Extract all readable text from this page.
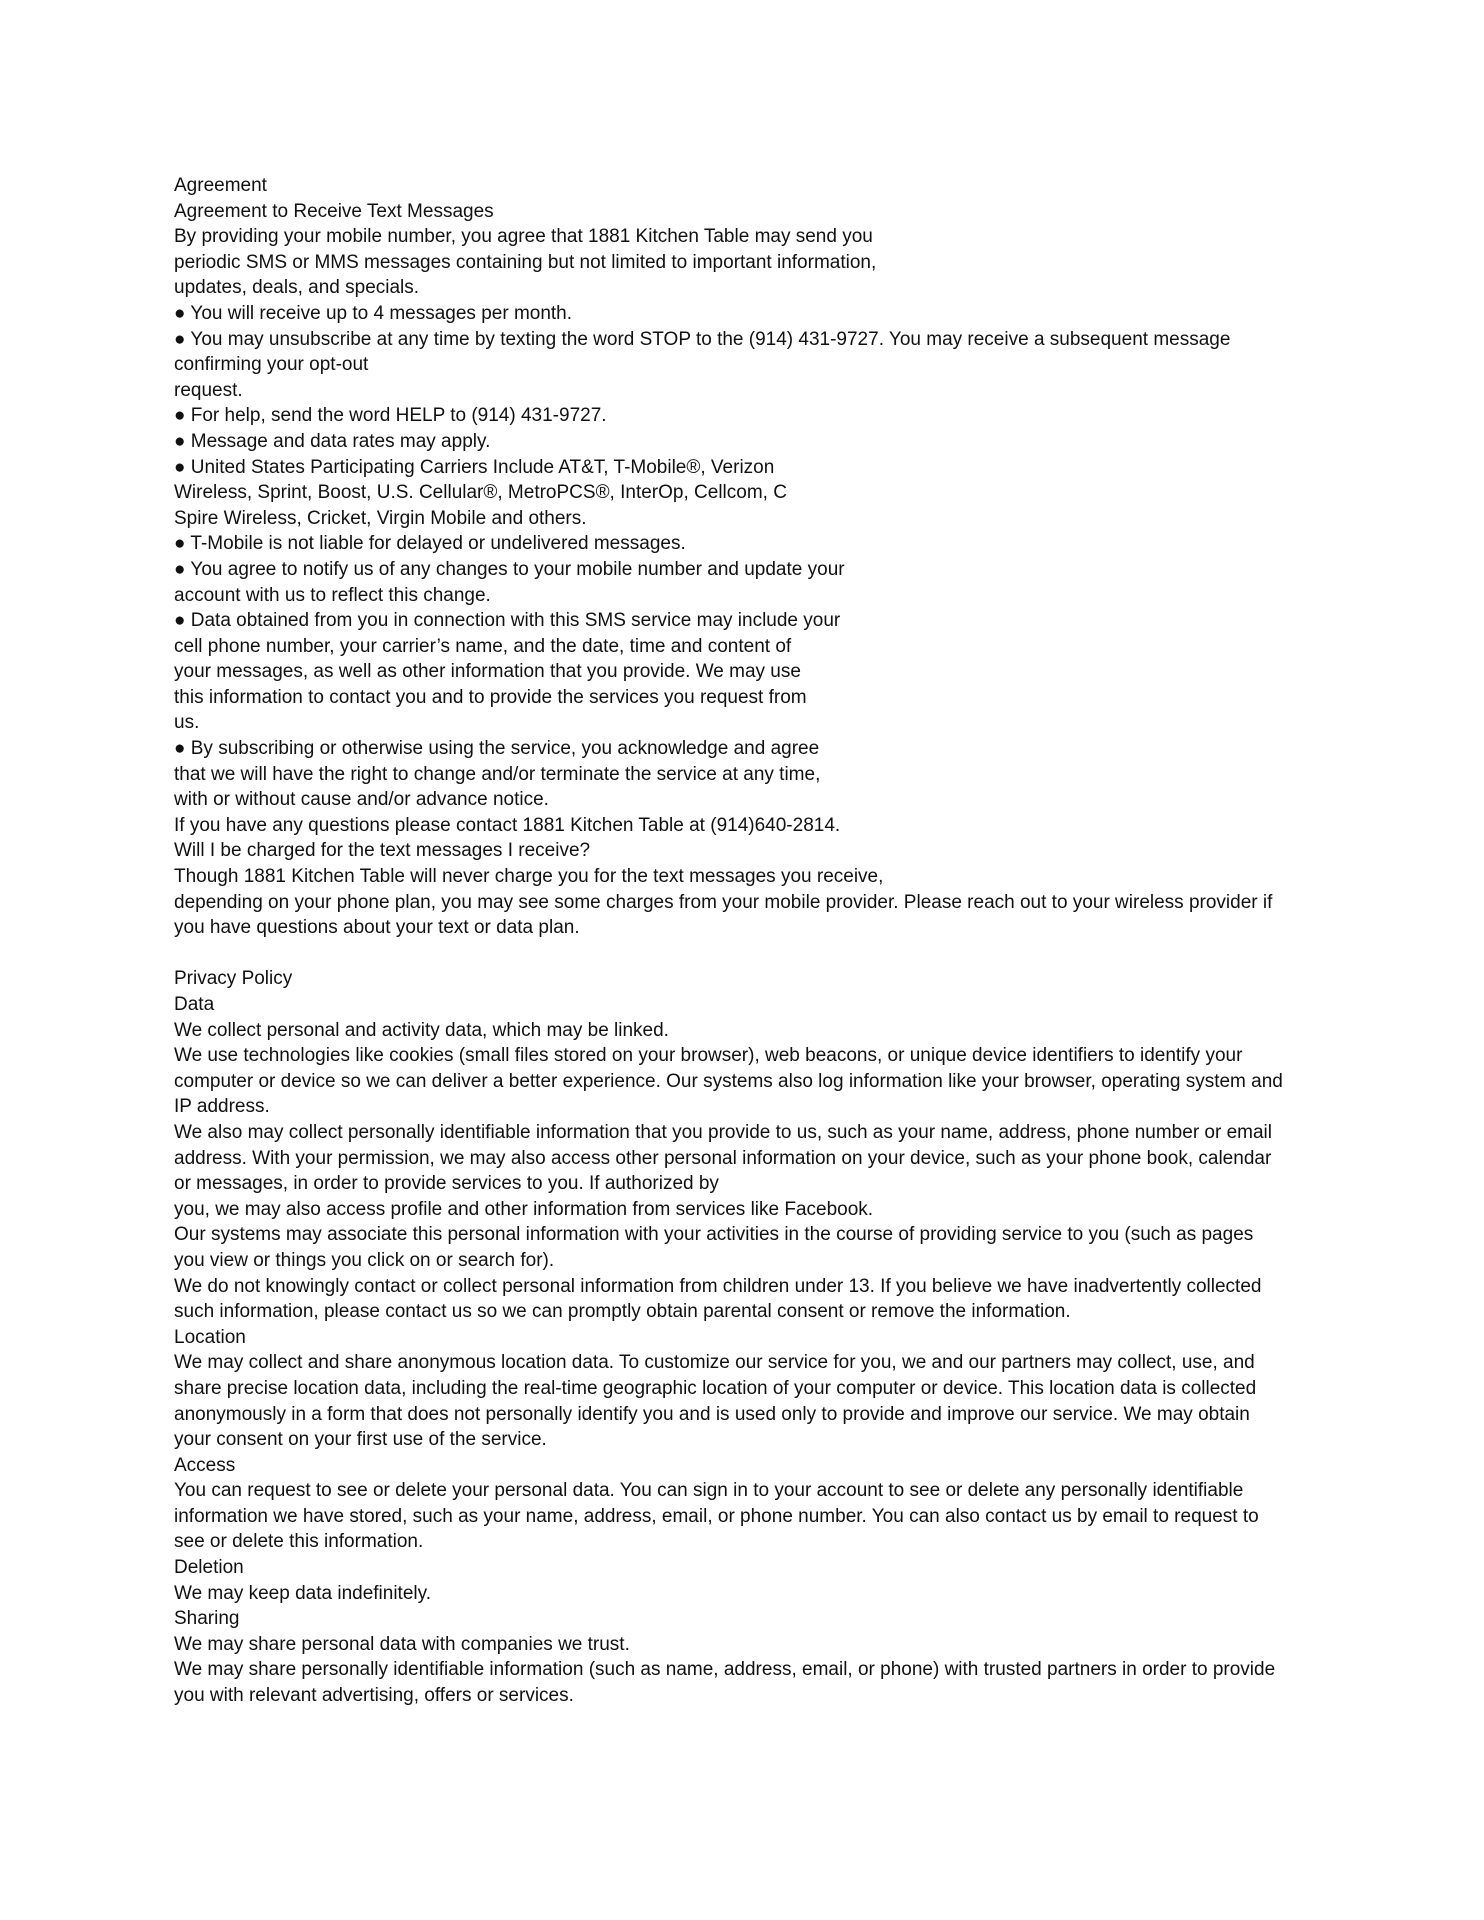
Agreement
Agreement to Receive Text Messages
By providing your mobile number, you agree that 1881 Kitchen Table may send you
periodic SMS or MMS messages containing but not limited to important information,
updates, deals, and specials.
● You will receive up to 4 messages per month.
● You may unsubscribe at any time by texting the word STOP to the (914) 431-9727. You may receive a subsequent message
confirming your opt-out
request.
● For help, send the word HELP to (914) 431-9727.
● Message and data rates may apply.
● United States Participating Carriers Include AT&T, T-Mobile®, Verizon
Wireless, Sprint, Boost, U.S. Cellular®, MetroPCS®, InterOp, Cellcom, C
Spire Wireless, Cricket, Virgin Mobile and others.
● T-Mobile is not liable for delayed or undelivered messages.
● You agree to notify us of any changes to your mobile number and update your
account with us to reflect this change.
● Data obtained from you in connection with this SMS service may include your
cell phone number, your carrier’s name, and the date, time and content of
your messages, as well as other information that you provide. We may use
this information to contact you and to provide the services you request from
us.
● By subscribing or otherwise using the service, you acknowledge and agree
that we will have the right to change and/or terminate the service at any time,
with or without cause and/or advance notice.
If you have any questions please contact 1881 Kitchen Table at (914)640-2814.
Will I be charged for the text messages I receive?
Though 1881 Kitchen Table will never charge you for the text messages you receive,
depending on your phone plan, you may see some charges from your mobile provider. Please reach out to your wireless provider if
you have questions about your text or data plan.
Privacy Policy
Data
We collect personal and activity data, which may be linked.
We use technologies like cookies (small files stored on your browser), web beacons, or unique device identifiers to identify your
computer or device so we can deliver a better experience. Our systems also log information like your browser, operating system and
IP address.
We also may collect personally identifiable information that you provide to us, such as your name, address, phone number or email
address. With your permission, we may also access other personal information on your device, such as your phone book, calendar
or messages, in order to provide services to you. If authorized by
you, we may also access profile and other information from services like Facebook.
Our systems may associate this personal information with your activities in the course of providing service to you (such as pages
you view or things you click on or search for).
We do not knowingly contact or collect personal information from children under 13. If you believe we have inadvertently collected
such information, please contact us so we can promptly obtain parental consent or remove the information.
Location
We may collect and share anonymous location data. To customize our service for you, we and our partners may collect, use, and
share precise location data, including the real-time geographic location of your computer or device. This location data is collected
anonymously in a form that does not personally identify you and is used only to provide and improve our service. We may obtain
your consent on your first use of the service.
Access
You can request to see or delete your personal data. You can sign in to your account to see or delete any personally identifiable
information we have stored, such as your name, address, email, or phone number. You can also contact us by email to request to
see or delete this information.
Deletion
We may keep data indefinitely.
Sharing
We may share personal data with companies we trust.
We may share personally identifiable information (such as name, address, email, or phone) with trusted partners in order to provide
you with relevant advertising, offers or services.
